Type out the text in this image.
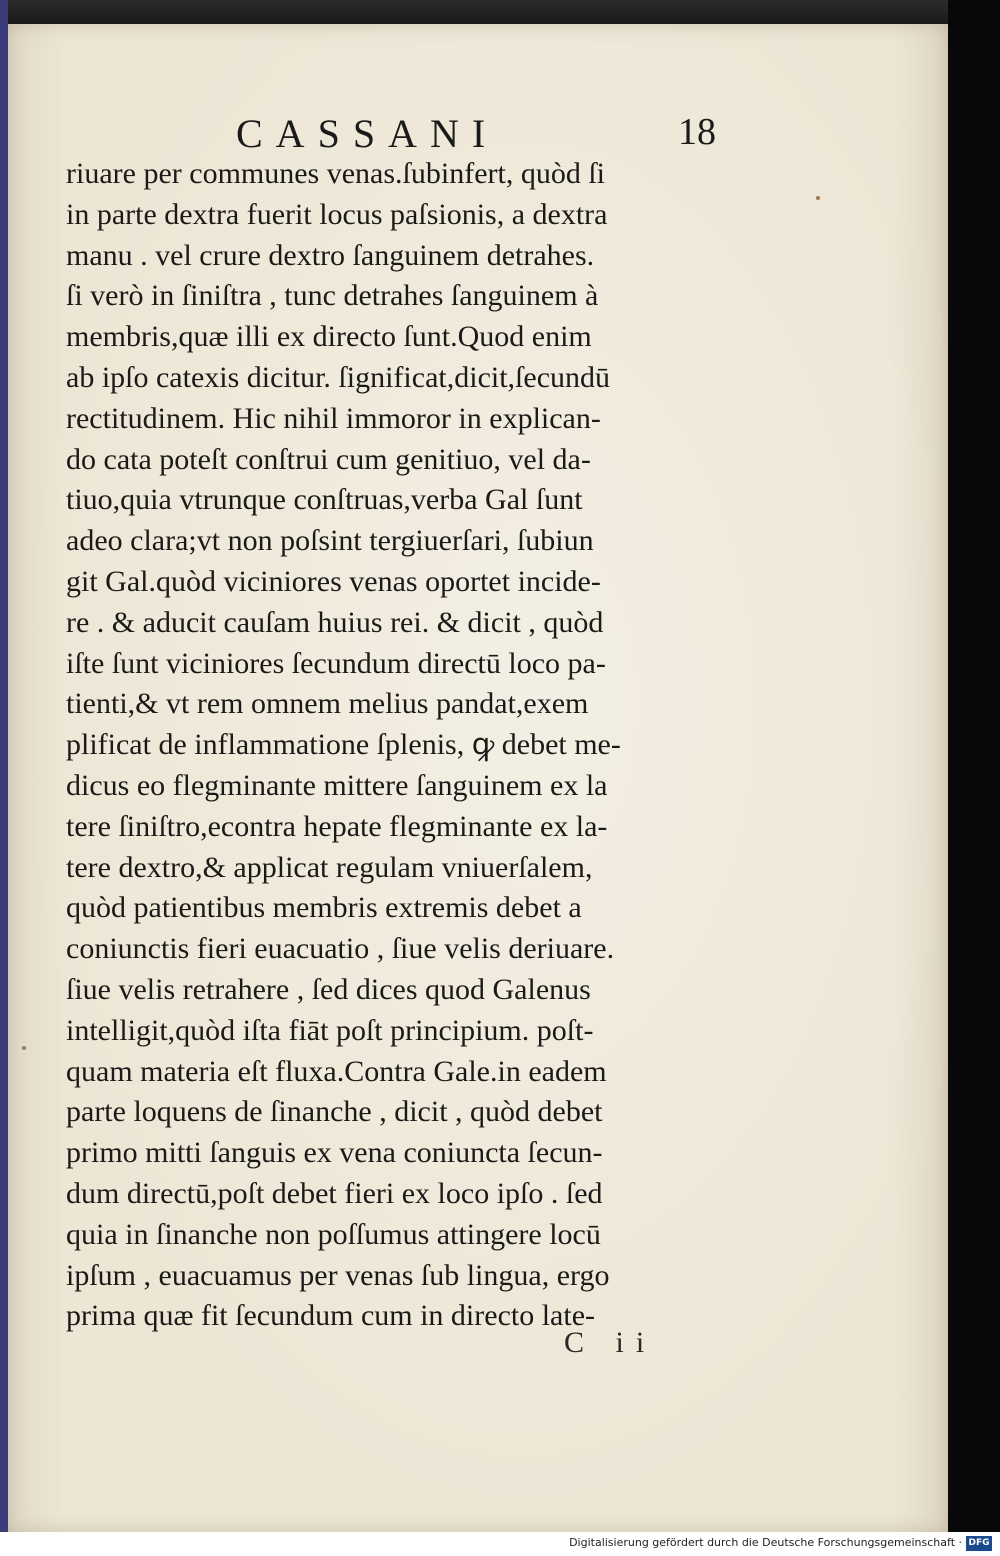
CASSANI	18
riuare per communes venas.ſubinfert, quòd ſi
in parte dextra fuerit locus paſsionis, a dextra
manu . vel crure dextro ſanguinem detrahes.
ſi verò in ſiniſtra , tunc detrahes ſanguinem à
membris,quæ illi ex directo ſunt.Quod enim
ab ipſo catexis dicitur. ſignificat,dicit,ſecundū
rectitudinem. Hic nihil immoror in explican-
do cata poteſt conſtrui cum genitiuo, vel da-
tiuo,quia vtrunque conſtruas,verba Gal ſunt
adeo clara;vt non poſsint tergiuerſari, ſubiun
git Gal.quòd viciniores venas oportet incide-
re . & aducit cauſam huius rei. & dicit , quòd
iſte ſunt viciniores ſecundum directū loco pa-
tienti,& vt rem omnem melius pandat,exem
plificat de inflammatione ſplenis, ꝙ debet me-
dicus eo flegminante mittere ſanguinem ex la
tere ſiniſtro,econtra hepate flegminante ex la-
tere dextro,& applicat regulam vniuerſalem,
quòd patientibus membris extremis debet a
coniunctis fieri euacuatio , ſiue velis deriuare.
ſiue velis retrahere , ſed dices quod Galenus
intelligit,quòd iſta fiāt poſt principium. poſt-
quam materia eſt fluxa.Contra Gale.in eadem
parte loquens de ſinanche , dicit , quòd debet
primo mitti ſanguis ex vena coniuncta ſecun-
dum directū,poſt debet fieri ex loco ipſo . ſed
quia in ſinanche non poſſumus attingere locū
ipſum , euacuamus per venas ſub lingua, ergo
prima quæ fit ſecundum cum in directo late-
C ii
Digitalisierung gefördert durch die Deutsche Forschungsgemeinschaft · DFG
